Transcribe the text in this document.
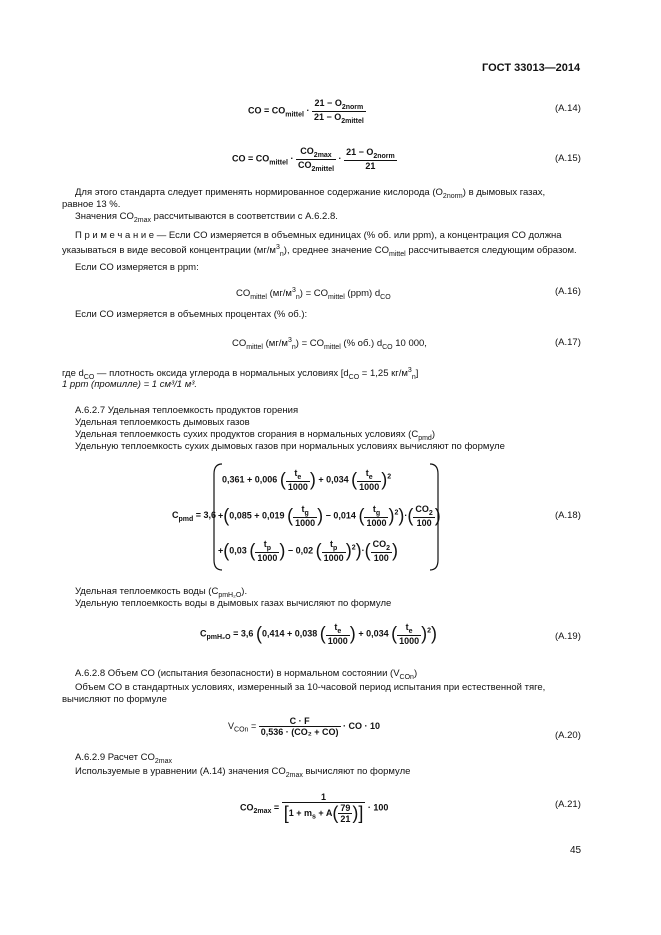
ГОСТ 33013—2014
CO = $CO_{mittel} \cdot \frac{21 - O_{2norm}}{21 - O_{2mittel}}$	(А.14)
CO = $CO_{mittel} \cdot \frac{CO_{2max}}{CO_{2mittel}} \cdot \frac{21 - O_{2norm}}{21}$	(А.15)
Для этого стандарта следует применять нормированное содержание кислорода $(O_{2norm})$ в дымовых газах,
равное 13 %.
Значения $CO_{2max}$ рассчитываются в соответствии с А.6.2.8.
П р и м е ч а н и е — Если CO измеряется в объемных единицах (% об. или ppm), а концентрация CO должна
указываться в виде весовой концентрации $(мг/м^3_n)$, среднее значение $CO_{mittel}$ рассчитывается следующим образом.
Если CO измеряется в ppm:
$CO_{mittel}$ $(мг/м^3_n) = CO_{mittel}$ (ppm) $d_{CO}$
(А.16)
Если CO измеряется в объемных процентах (% об.):
$CO_{mittel}$ $(мг/м^3_n) = CO_{mittel}$ (% об.) $d_{CO}$ 10 000,	(А.17)
где $d_{CO}$ — плотность оксида углерода в нормальных условиях [$d_{CO} = 1,25$ $кг/м^3_n$]
1 ppm (промилле) = 1 см³/1 м³.
А.6.2.7 Удельная теплоемкость продуктов горения
Удельная теплоемкость дымовых газов
Удельная теплоемкость сухих продуктов сгорания в нормальных условиях $(C_{pmd})$
Удельную теплоемкость сухих дымовых газов при нормальных условиях вычисляют по формуле
$C_{pmd} = 3,6$
0,361 + 0,006 ( $\frac{t_e}{1000}$ ) + 0,034 ( $\frac{t_e}{1000} )^2$
+(0,085 + 0,019 ( $\frac{t_g}{1000}$ ) − 0,014 ( $\frac{t_g}{1000} )^2)\cdot( \frac{CO_2}{100}$ )
+(0,03 ( $\frac{t_p}{1000}$ ) − 0,02 ( $\frac{t_p}{1000} )^2)\cdot( \frac{CO_2}{100}$ )
(А.18)
Удельная теплоемкость воды $(C_{pmH_2O})$.
Удельную теплоемкость воды в дымовых газах вычисляют по формуле
$C_{pmH_2O} = 3,6$ (0,414 + 0,038 ( $\frac{t_e}{1000}$ ) + 0,034 ( $\frac{t_e}{1000} )^2$)	(А.19)
А.6.2.8 Объем CO (испытания безопасности) в нормальном состоянии $(V_{COn})$
Объем CO в стандартных условиях, измеренный за 10-часовой период испытания при естественной тяге,
вычисляют по формуле
$V_{COn} = \frac{C \cdot F}{\text{0,536 · (CO₂ + CO)}}$ · CO · 10
(А.20)
А.6.2.9 Расчет $CO_{2max}$
Используемые в уравнении (А.14) значения $CO_{2max}$ вычисляют по формуле
$CO_{2max} = \frac{1}{[1 + m_s + A( \frac{79}{21} )]} \cdot 100$	(А.21)
45
